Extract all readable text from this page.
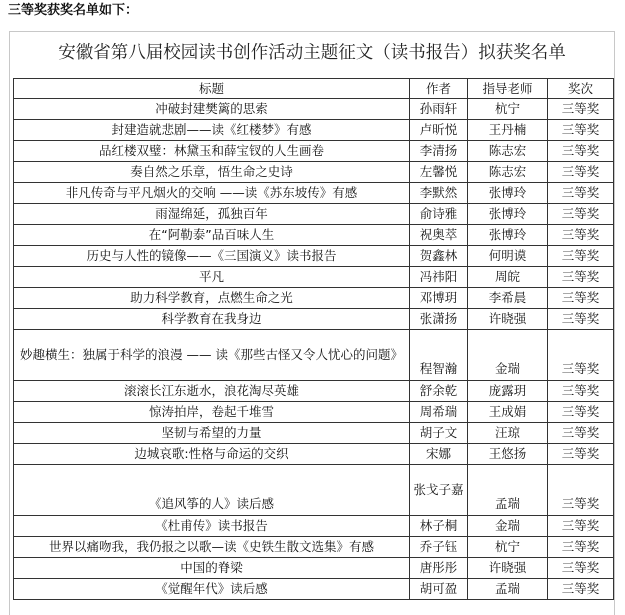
三等奖获奖名单如下：
安徽省第八届校园读书创作活动主题征文（读书报告）拟获奖名单
标题	作者	指导老师	奖次
冲破封建樊篱的思索	孙雨轩	杭宁	三等奖
封建造就悲剧——读《红楼梦》有感	卢昕悦	王丹楠	三等奖
品红楼双璧：林黛玉和薛宝钗的人生画卷	李清扬	陈志宏	三等奖
奏自然之乐章，悟生命之史诗	左馨悦	陈志宏	三等奖
非凡传奇与平凡烟火的交响 ——读《苏东坡传》有感	李默然	张博玲	三等奖
雨湿绵延，孤独百年	俞诗雅	张博玲	三等奖
在“阿勒泰”品百味人生	祝奥萃	张博玲	三等奖
历史与人性的镜像——《三国演义》读书报告	贺鑫林	何明谟	三等奖
平凡	冯祎阳	周皖	三等奖
助力科学教育，点燃生命之光	邓博玥	李希晨	三等奖
科学教育在我身边	张潇扬	许晓强	三等奖
妙趣横生：独属于科学的浪漫 —— 读《那些古怪又令人忧心的问题》	程智瀚	金瑞	三等奖
滚滚长江东逝水，浪花淘尽英雄	舒余乾	庞露玥	三等奖
惊涛拍岸，卷起千堆雪	周希瑞	王成娟	三等奖
坚韧与希望的力量	胡子文	汪琼	三等奖
边城哀歌:性格与命运的交织	宋娜	王悠扬	三等奖
《追风筝的人》读后感	张戈子嘉	孟瑞	三等奖
《杜甫传》读书报告	林子桐	金瑞	三等奖
世界以痛吻我，我仍报之以歌—读《史铁生散文选集》有感	乔子钰	杭宁	三等奖
中国的脊梁	唐彤彤	许晓强	三等奖
《觉醒年代》读后感	胡可盈	孟瑞	三等奖
